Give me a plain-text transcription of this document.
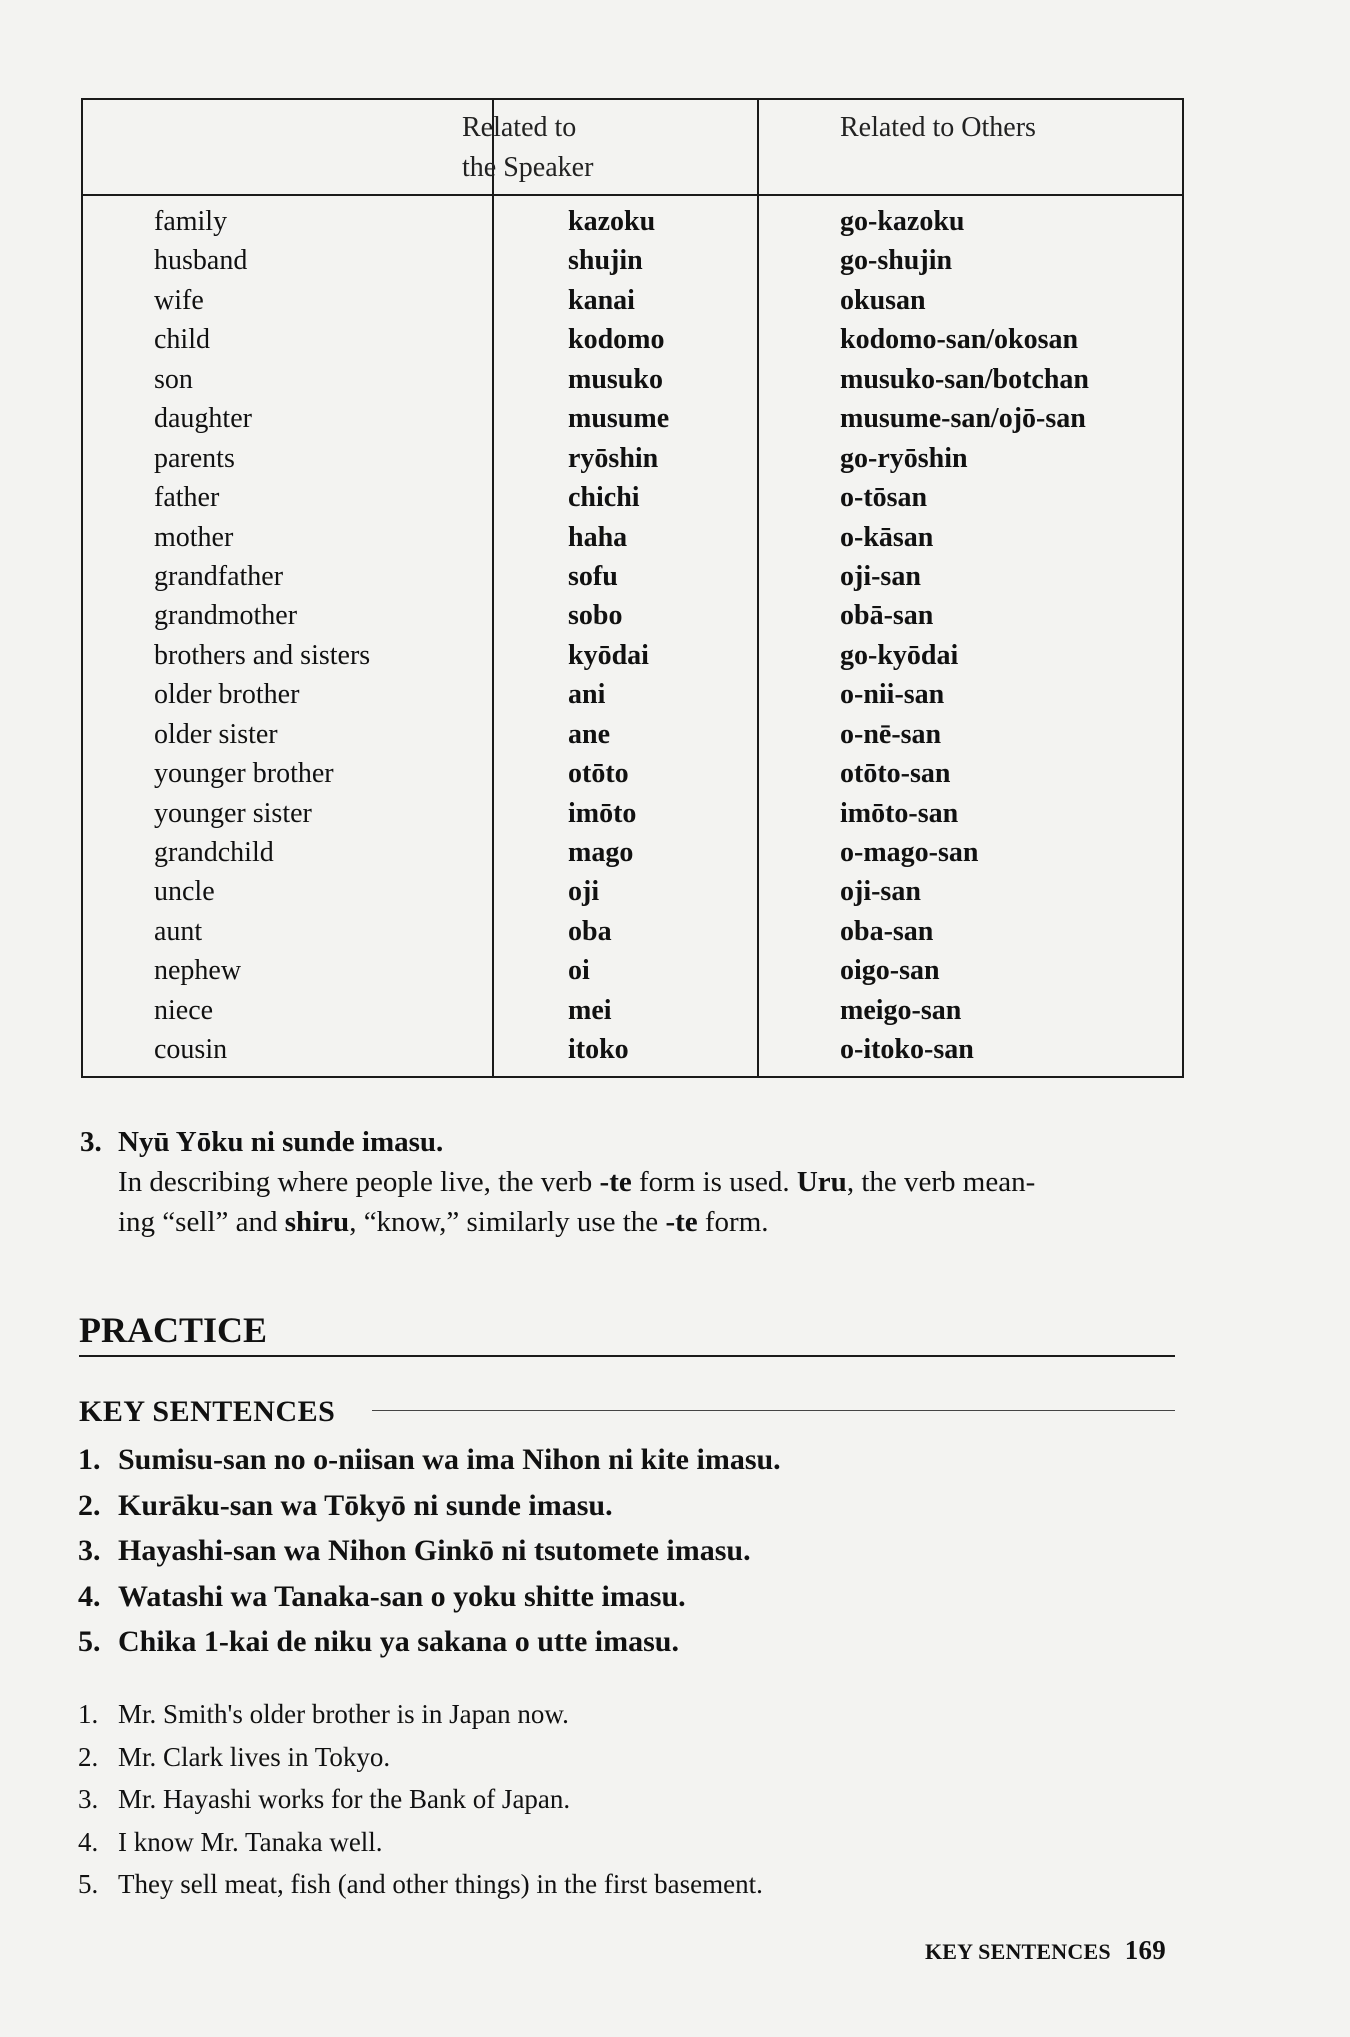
Related to
the Speaker
Related to Others
family
husband
wife
child
son
daughter
parents
father
mother
grandfather
grandmother
brothers and sisters
older brother
older sister
younger brother
younger sister
grandchild
uncle
aunt
nephew
niece
cousin
kazoku
shujin
kanai
kodomo
musuko
musume
ryōshin
chichi
haha
sofu
sobo
kyōdai
ani
ane
otōto
imōto
mago
oji
oba
oi
mei
itoko
go-kazoku
go-shujin
okusan
kodomo-san/okosan
musuko-san/botchan
musume-san/ojō-san
go-ryōshin
o-tōsan
o-kāsan
oji-san
obā-san
go-kyōdai
o-nii-san
o-nē-san
otōto-san
imōto-san
o-mago-san
oji-san
oba-san
oigo-san
meigo-san
o-itoko-san
3. Nyū Yōku ni sunde imasu.
In describing where people live, the verb -te form is used. Uru, the verb mean-
ing “sell” and shiru, “know,” similarly use the -te form.
PRACTICE
KEY SENTENCES
1. Sumisu-san no o-niisan wa ima Nihon ni kite imasu.
2. Kurāku-san wa Tōkyō ni sunde imasu.
3. Hayashi-san wa Nihon Ginkō ni tsutomete imasu.
4. Watashi wa Tanaka-san o yoku shitte imasu.
5. Chika 1-kai de niku ya sakana o utte imasu.
1. Mr. Smith's older brother is in Japan now.
2. Mr. Clark lives in Tokyo.
3. Mr. Hayashi works for the Bank of Japan.
4. I know Mr. Tanaka well.
5. They sell meat, fish (and other things) in the first basement.
KEY SENTENCES 169
